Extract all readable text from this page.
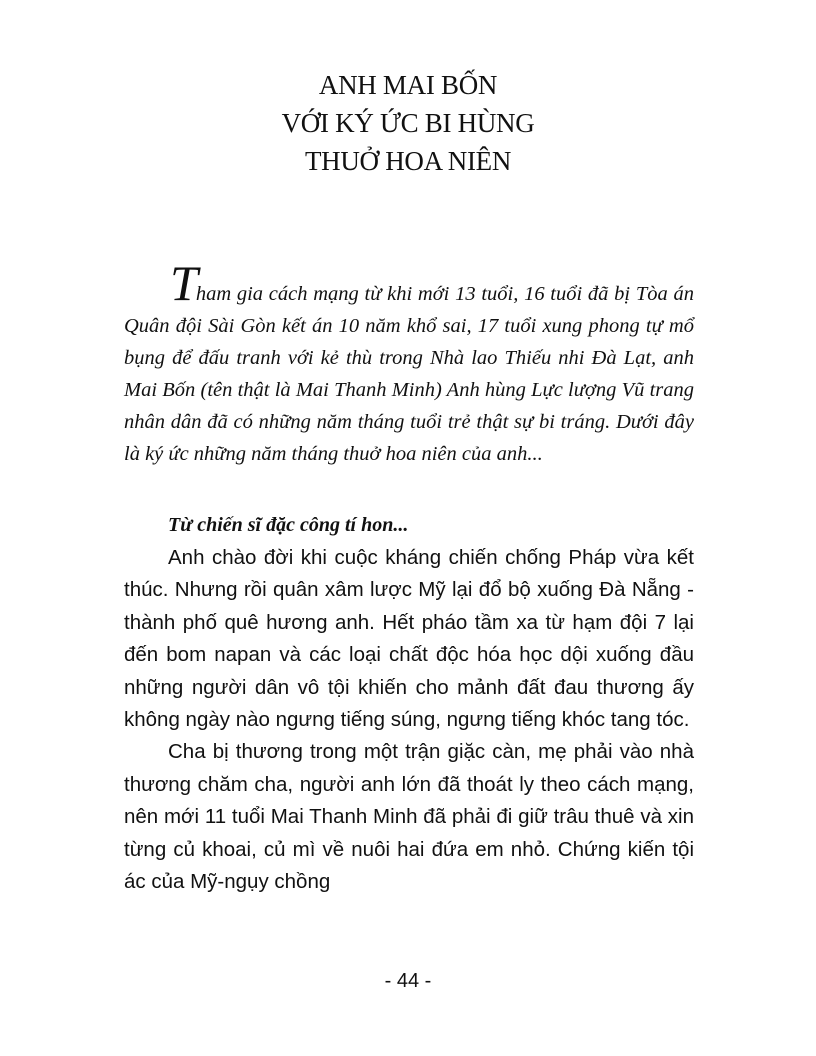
ANH MAI BỐN
VỚI KÝ ỨC BI HÙNG
THUỞ HOA NIÊN

Tham gia cách mạng từ khi mới 13 tuổi, 16 tuổi đã bị Tòa án Quân đội Sài Gòn kết án 10 năm khổ sai, 17 tuổi xung phong tự mổ bụng để đấu tranh với kẻ thù trong Nhà lao Thiếu nhi Đà Lạt, anh Mai Bốn (tên thật là Mai Thanh Minh) Anh hùng Lực lượng Vũ trang nhân dân đã có những năm tháng tuổi trẻ thật sự bi tráng. Dưới đây là ký ức những năm tháng thuở hoa niên của anh...

Từ chiến sĩ đặc công tí hon...

Anh chào đời khi cuộc kháng chiến chống Pháp vừa kết thúc. Nhưng rồi quân xâm lược Mỹ lại đổ bộ xuống Đà Nẵng - thành phố quê hương anh. Hết pháo tầm xa từ hạm đội 7 lại đến bom napan và các loại chất độc hóa học dội xuống đầu những người dân vô tội khiến cho mảnh đất đau thương ấy không ngày nào ngưng tiếng súng, ngưng tiếng khóc tang tóc.

Cha bị thương trong một trận giặc càn, mẹ phải vào nhà thương chăm cha, người anh lớn đã thoát ly theo cách mạng, nên mới 11 tuổi Mai Thanh Minh đã phải đi giữ trâu thuê và xin từng củ khoai, củ mì về nuôi hai đứa em nhỏ. Chứng kiến tội ác của Mỹ-ngụy chồng

- 44 -
